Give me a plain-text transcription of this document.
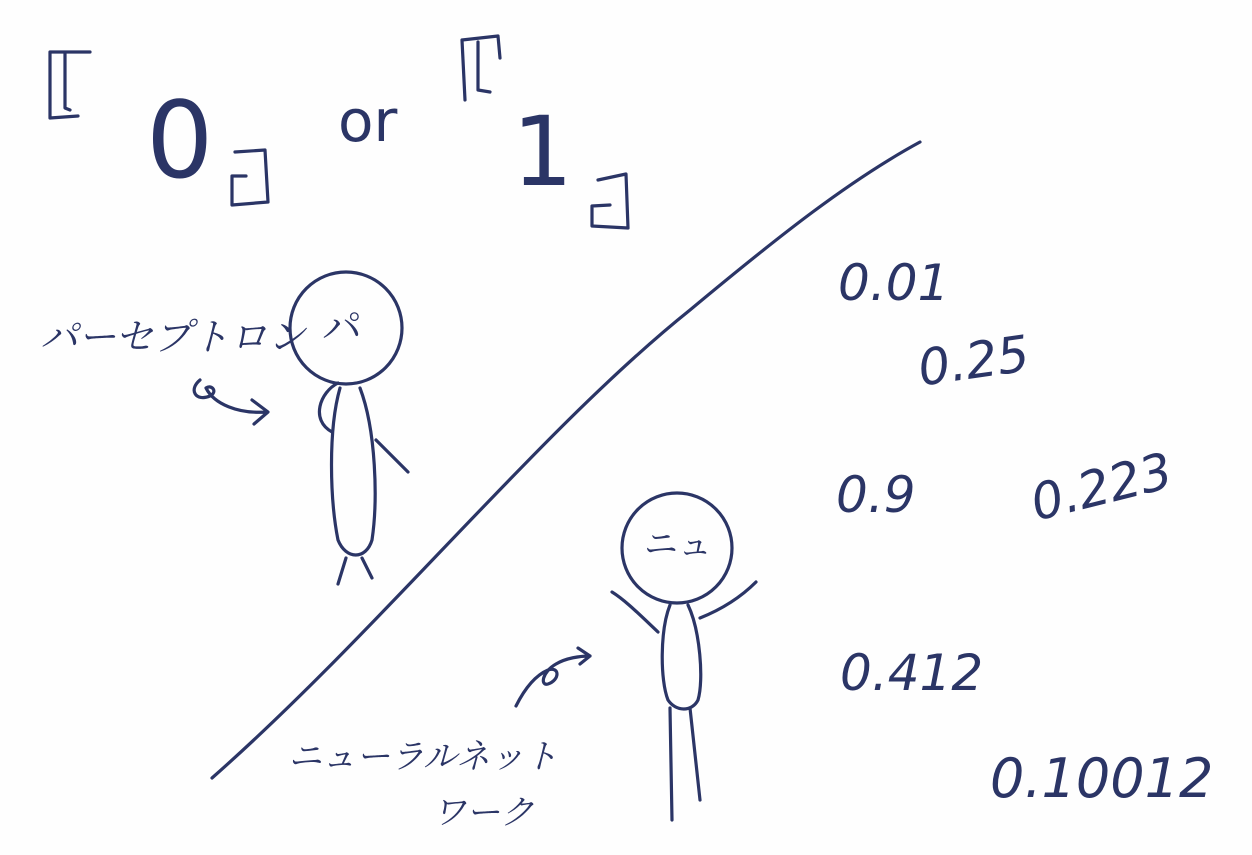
0 or 1
パーセプトロン パ
ニュ
ニューラルネット
ワーク
0.01
0.25
0.9 0.223
0.412
0.10012
